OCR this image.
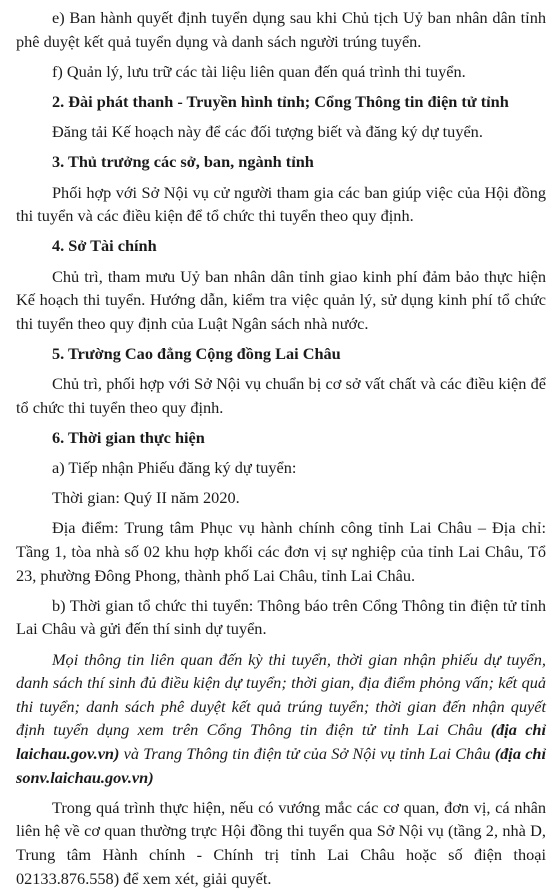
e) Ban hành quyết định tuyển dụng sau khi Chủ tịch Uỷ ban nhân dân tỉnh phê duyệt kết quả tuyển dụng và danh sách người trúng tuyển.

f) Quản lý, lưu trữ các tài liệu liên quan đến quá trình thi tuyển.

2. Đài phát thanh - Truyền hình tỉnh; Cổng Thông tin điện tử tỉnh

Đăng tải Kế hoạch này để các đối tượng biết và đăng ký dự tuyển.

3. Thủ trưởng các sở, ban, ngành tỉnh

Phối hợp với Sở Nội vụ cử người tham gia các ban giúp việc của Hội đồng thi tuyển và các điều kiện để tổ chức thi tuyển theo quy định.

4. Sở Tài chính

Chủ trì, tham mưu Uỷ ban nhân dân tỉnh giao kinh phí đảm bảo thực hiện Kế hoạch thi tuyển. Hướng dẫn, kiểm tra việc quản lý, sử dụng kinh phí tổ chức thi tuyển theo quy định của Luật Ngân sách nhà nước.

5. Trường Cao đẳng Cộng đồng Lai Châu

Chủ trì, phối hợp với Sở Nội vụ chuẩn bị cơ sở vất chất và các điều kiện để tổ chức thi tuyển theo quy định.

6. Thời gian thực hiện

a) Tiếp nhận Phiếu đăng ký dự tuyển:

Thời gian: Quý II năm 2020.

Địa điểm: Trung tâm Phục vụ hành chính công tỉnh Lai Châu – Địa chỉ: Tầng 1, tòa nhà số 02 khu hợp khối các đơn vị sự nghiệp của tỉnh Lai Châu, Tổ 23, phường Đông Phong, thành phố Lai Châu, tỉnh Lai Châu.

b) Thời gian tổ chức thi tuyển: Thông báo trên Cổng Thông tin điện tử tỉnh Lai Châu và gửi đến thí sinh dự tuyển.

Mọi thông tin liên quan đến kỳ thi tuyển, thời gian nhận phiếu dự tuyển, danh sách thí sinh đủ điều kiện dự tuyển; thời gian, địa điểm phỏng vấn; kết quả thi tuyển; danh sách phê duyệt kết quả trúng tuyển; thời gian đến nhận quyết định tuyển dụng xem trên Cổng Thông tin điện tử tỉnh Lai Châu (địa chỉ laichau.gov.vn) và Trang Thông tin điện tử của Sở Nội vụ tỉnh Lai Châu (địa chỉ sonv.laichau.gov.vn)

Trong quá trình thực hiện, nếu có vướng mắc các cơ quan, đơn vị, cá nhân liên hệ về cơ quan thường trực Hội đồng thi tuyển qua Sở Nội vụ (tầng 2, nhà D, Trung tâm Hành chính - Chính trị tỉnh Lai Châu hoặc số điện thoại 02133.876.558) để xem xét, giải quyết.
